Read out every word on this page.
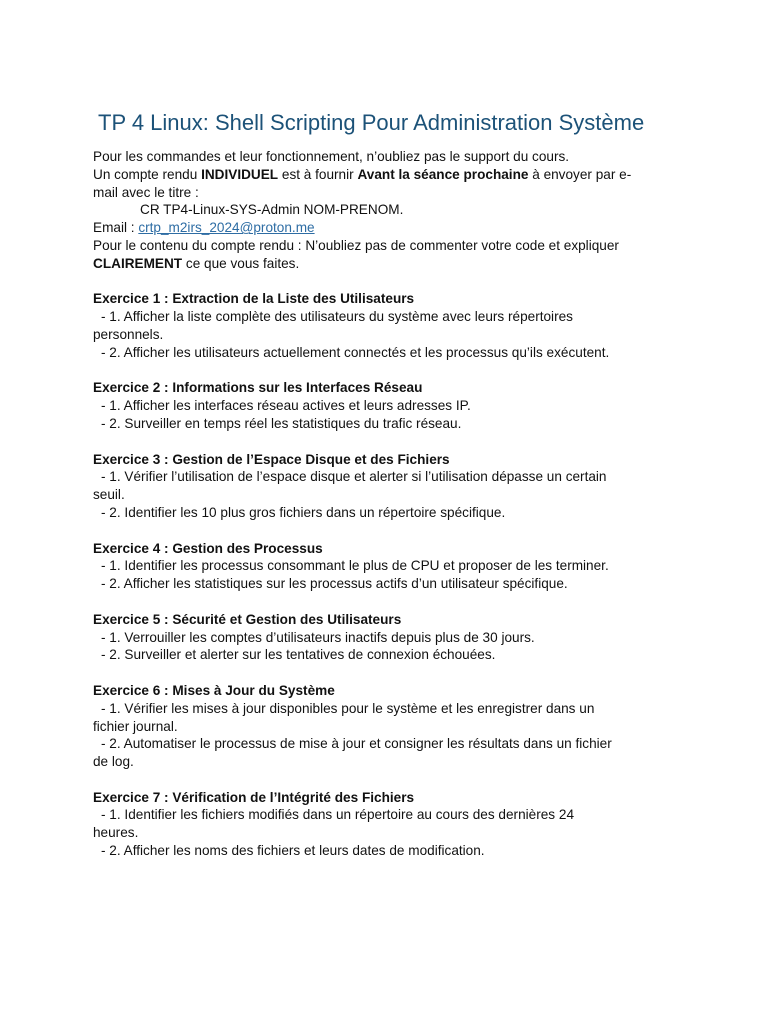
TP 4 Linux: Shell Scripting Pour Administration Système

Pour les commandes et leur fonctionnement, n’oubliez pas le support du cours.

Un compte rendu INDIVIDUEL est à fournir Avant la séance prochaine à envoyer par e-

mail avec le titre :

CR TP4-Linux-SYS-Admin NOM-PRENOM.

Email : crtp_m2irs_2024@proton.me

Pour le contenu du compte rendu : N’oubliez pas de commenter votre code et expliquer

CLAIREMENT ce que vous faites.

Exercice 1 : Extraction de la Liste des Utilisateurs

- 1. Afficher la liste complète des utilisateurs du système avec leurs répertoires

personnels.

- 2. Afficher les utilisateurs actuellement connectés et les processus qu’ils exécutent.

Exercice 2 : Informations sur les Interfaces Réseau

- 1. Afficher les interfaces réseau actives et leurs adresses IP.

- 2. Surveiller en temps réel les statistiques du trafic réseau.

Exercice 3 : Gestion de l’Espace Disque et des Fichiers

- 1. Vérifier l’utilisation de l’espace disque et alerter si l’utilisation dépasse un certain

seuil.

- 2. Identifier les 10 plus gros fichiers dans un répertoire spécifique.

Exercice 4 : Gestion des Processus

- 1. Identifier les processus consommant le plus de CPU et proposer de les terminer.

- 2. Afficher les statistiques sur les processus actifs d’un utilisateur spécifique.

Exercice 5 : Sécurité et Gestion des Utilisateurs

- 1. Verrouiller les comptes d’utilisateurs inactifs depuis plus de 30 jours.

- 2. Surveiller et alerter sur les tentatives de connexion échouées.

Exercice 6 : Mises à Jour du Système

- 1. Vérifier les mises à jour disponibles pour le système et les enregistrer dans un

fichier journal.

- 2. Automatiser le processus de mise à jour et consigner les résultats dans un fichier

de log.

Exercice 7 : Vérification de l’Intégrité des Fichiers

- 1. Identifier les fichiers modifiés dans un répertoire au cours des dernières 24

heures.

- 2. Afficher les noms des fichiers et leurs dates de modification.
